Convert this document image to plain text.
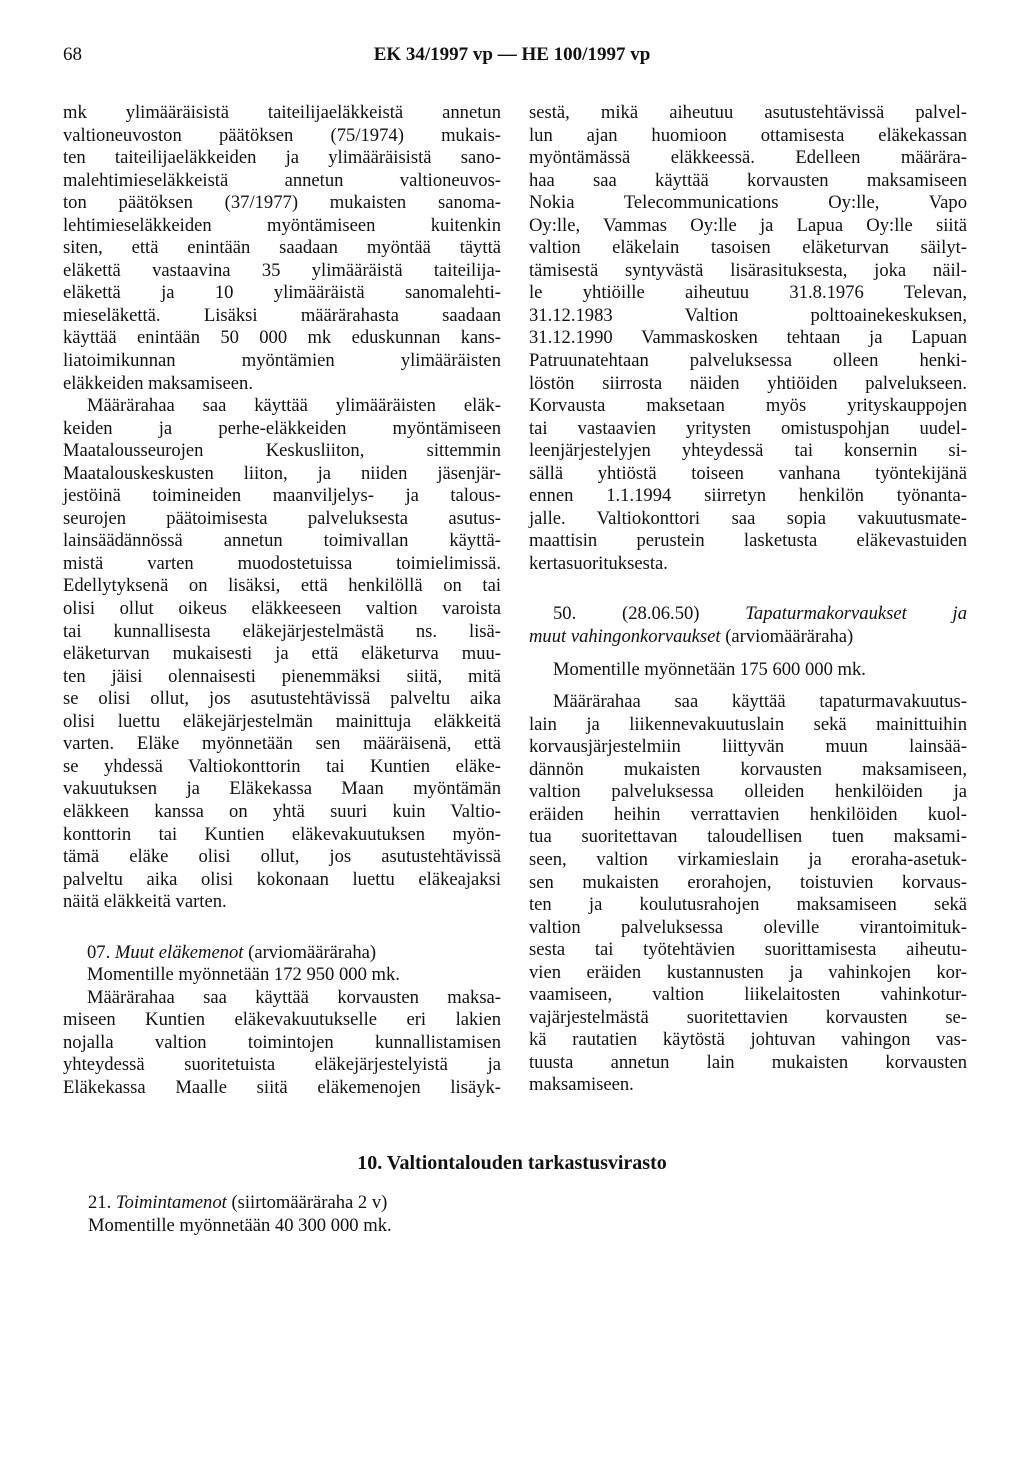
68	EK 34/1997 vp — HE 100/1997 vp
mk ylimääräisistä taiteilijaeläkkeistä annetun
valtioneuvoston päätöksen (75/1974) mukais-
ten taiteilijaeläkkeiden ja ylimääräisistä sano-
malehtimieseläkkeistä annetun valtioneuvos-
ton päätöksen (37/1977) mukaisten sanoma-
lehtimieseläkkeiden myöntämiseen kuitenkin
siten, että enintään saadaan myöntää täyttä
eläkettä vastaavina 35 ylimääräistä taiteilija-
eläkettä ja 10 ylimääräistä sanomalehti-
mieseläkettä. Lisäksi määrärahasta saadaan
käyttää enintään 50 000 mk eduskunnan kans-
liatoimikunnan myöntämien ylimääräisten
eläkkeiden maksamiseen.
Määrärahaa saa käyttää ylimääräisten eläk-
keiden ja perhe-eläkkeiden myöntämiseen
Maatalousseurojen Keskusliiton, sittemmin
Maatalouskeskusten liiton, ja niiden jäsenjär-
jestöinä toimineiden maanviljelys- ja talous-
seurojen päätoimisesta palveluksesta asutus-
lainsäädännössä annetun toimivallan käyttä-
mistä varten muodostetuissa toimielimissä.
Edellytyksenä on lisäksi, että henkilöllä on tai
olisi ollut oikeus eläkkeeseen valtion varoista
tai kunnallisesta eläkejärjestelmästä ns. lisä-
eläketurvan mukaisesti ja että eläketurva muu-
ten jäisi olennaisesti pienemmäksi siitä, mitä
se olisi ollut, jos asutustehtävissä palveltu aika
olisi luettu eläkejärjestelmän mainittuja eläkkeitä
varten. Eläke myönnetään sen määräisenä, että
se yhdessä Valtiokonttorin tai Kuntien eläke-
vakuutuksen ja Eläkekassa Maan myöntämän
eläkkeen kanssa on yhtä suuri kuin Valtio-
konttorin tai Kuntien eläkevakuutuksen myön-
tämä eläke olisi ollut, jos asutustehtävissä
palveltu aika olisi kokonaan luettu eläkeajaksi
näitä eläkkeitä varten.
07. Muut eläkemenot (arviomääräraha)
Momentille myönnetään 172 950 000 mk.
Määrärahaa saa käyttää korvausten maksa-
miseen Kuntien eläkevakuutukselle eri lakien
nojalla valtion toimintojen kunnallistamisen
yhteydessä suoritetuista eläkejärjestelyistä ja
Eläkekassa Maalle siitä eläkemenojen lisäyk-
sestä, mikä aiheutuu asutustehtävissä palvel-
lun ajan huomioon ottamisesta eläkekassan
myöntämässä eläkkeessä. Edelleen määrära-
haa saa käyttää korvausten maksamiseen
Nokia Telecommunications Oy:lle, Vapo
Oy:lle, Vammas Oy:lle ja Lapua Oy:lle siitä
valtion eläkelain tasoisen eläketurvan säilyt-
tämisestä syntyvästä lisärasituksesta, joka näil-
le yhtiöille aiheutuu 31.8.1976 Televan,
31.12.1983 Valtion polttoainekeskuksen,
31.12.1990 Vammaskosken tehtaan ja Lapuan
Patruunatehtaan palveluksessa olleen henki-
löstön siirrosta näiden yhtiöiden palvelukseen.
Korvausta maksetaan myös yrityskauppojen
tai vastaavien yritysten omistuspohjan uudel-
leenjärjestelyjen yhteydessä tai konsernin si-
sällä yhtiöstä toiseen vanhana työntekijänä
ennen 1.1.1994 siirretyn henkilön työnanta-
jalle. Valtiokonttori saa sopia vakuutusmate-
maattisin perustein lasketusta eläkevastuiden
kertasuorituksesta.
50. (28.06.50) Tapaturmakorvaukset ja
muut vahingonkorvaukset (arviomääräraha)
Momentille myönnetään 175 600 000 mk.
Määrärahaa saa käyttää tapaturmavakuutus-
lain ja liikennevakuutuslain sekä mainittuihin
korvausjärjestelmiin liittyvän muun lainsää-
dännön mukaisten korvausten maksamiseen,
valtion palveluksessa olleiden henkilöiden ja
eräiden heihin verrattavien henkilöiden kuol-
tua suoritettavan taloudellisen tuen maksami-
seen, valtion virkamieslain ja eroraha-asetuk-
sen mukaisten erorahojen, toistuvien korvaus-
ten ja koulutusrahojen maksamiseen sekä
valtion palveluksessa oleville virantoimituk-
sesta tai työtehtävien suorittamisesta aiheutu-
vien eräiden kustannusten ja vahinkojen kor-
vaamiseen, valtion liikelaitosten vahinkotur-
vajärjestelmästä suoritettavien korvausten se-
kä rautatien käytöstä johtuvan vahingon vas-
tuusta annetun lain mukaisten korvausten
maksamiseen.
10. Valtiontalouden tarkastusvirasto
21. Toimintamenot (siirtomääräraha 2 v)
Momentille myönnetään 40 300 000 mk.
